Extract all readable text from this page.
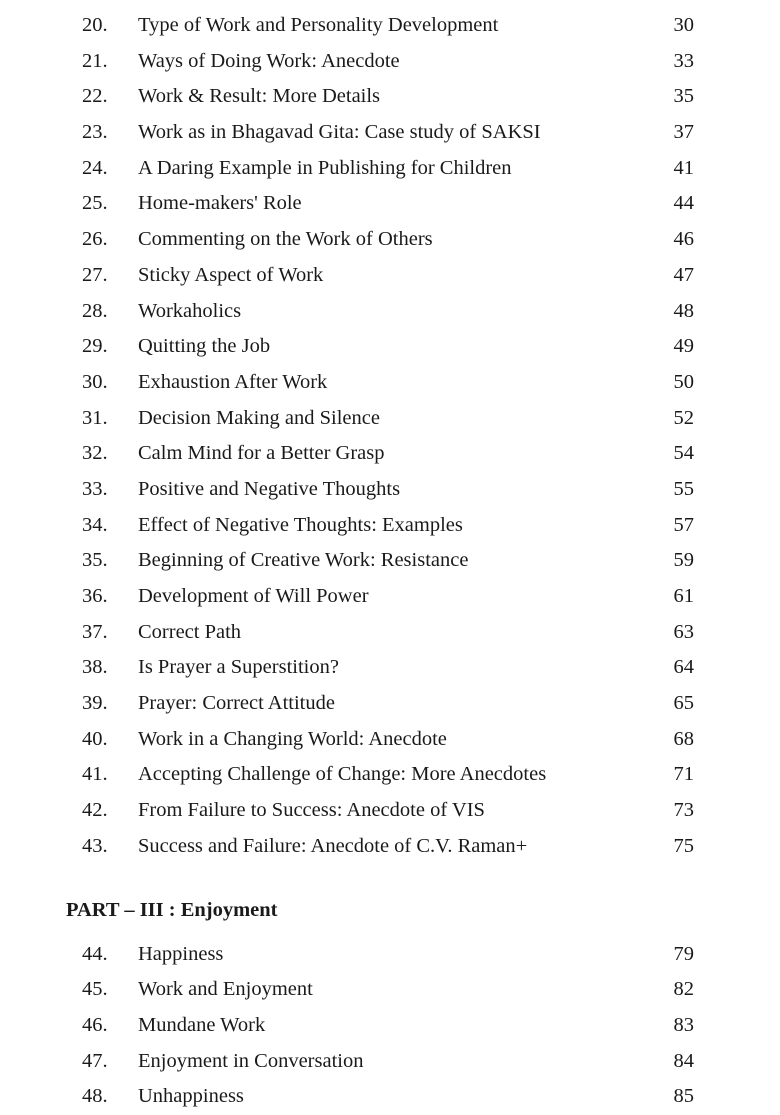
20. Type of Work and Personality Development	30
21. Ways of Doing Work: Anecdote	33
22. Work & Result: More Details	35
23. Work as in Bhagavad Gita: Case study of SAKSI	37
24. A Daring Example in Publishing for Children	41
25. Home-makers' Role	44
26. Commenting on the Work of Others	46
27. Sticky Aspect of Work	47
28. Workaholics	48
29. Quitting the Job	49
30. Exhaustion After Work	50
31. Decision Making and Silence	52
32. Calm Mind for a Better Grasp	54
33. Positive and Negative Thoughts	55
34. Effect of Negative Thoughts: Examples	57
35. Beginning of Creative Work: Resistance	59
36. Development of Will Power	61
37. Correct Path	63
38. Is Prayer a Superstition?	64
39. Prayer: Correct Attitude	65
40. Work in a Changing World: Anecdote	68
41. Accepting Challenge of Change: More Anecdotes	71
42. From Failure to Success: Anecdote of VIS	73
43. Success and Failure: Anecdote of C.V. Raman+	75
PART – III : Enjoyment
44. Happiness	79
45. Work and Enjoyment	82
46. Mundane Work	83
47. Enjoyment in Conversation	84
48. Unhappiness	85
